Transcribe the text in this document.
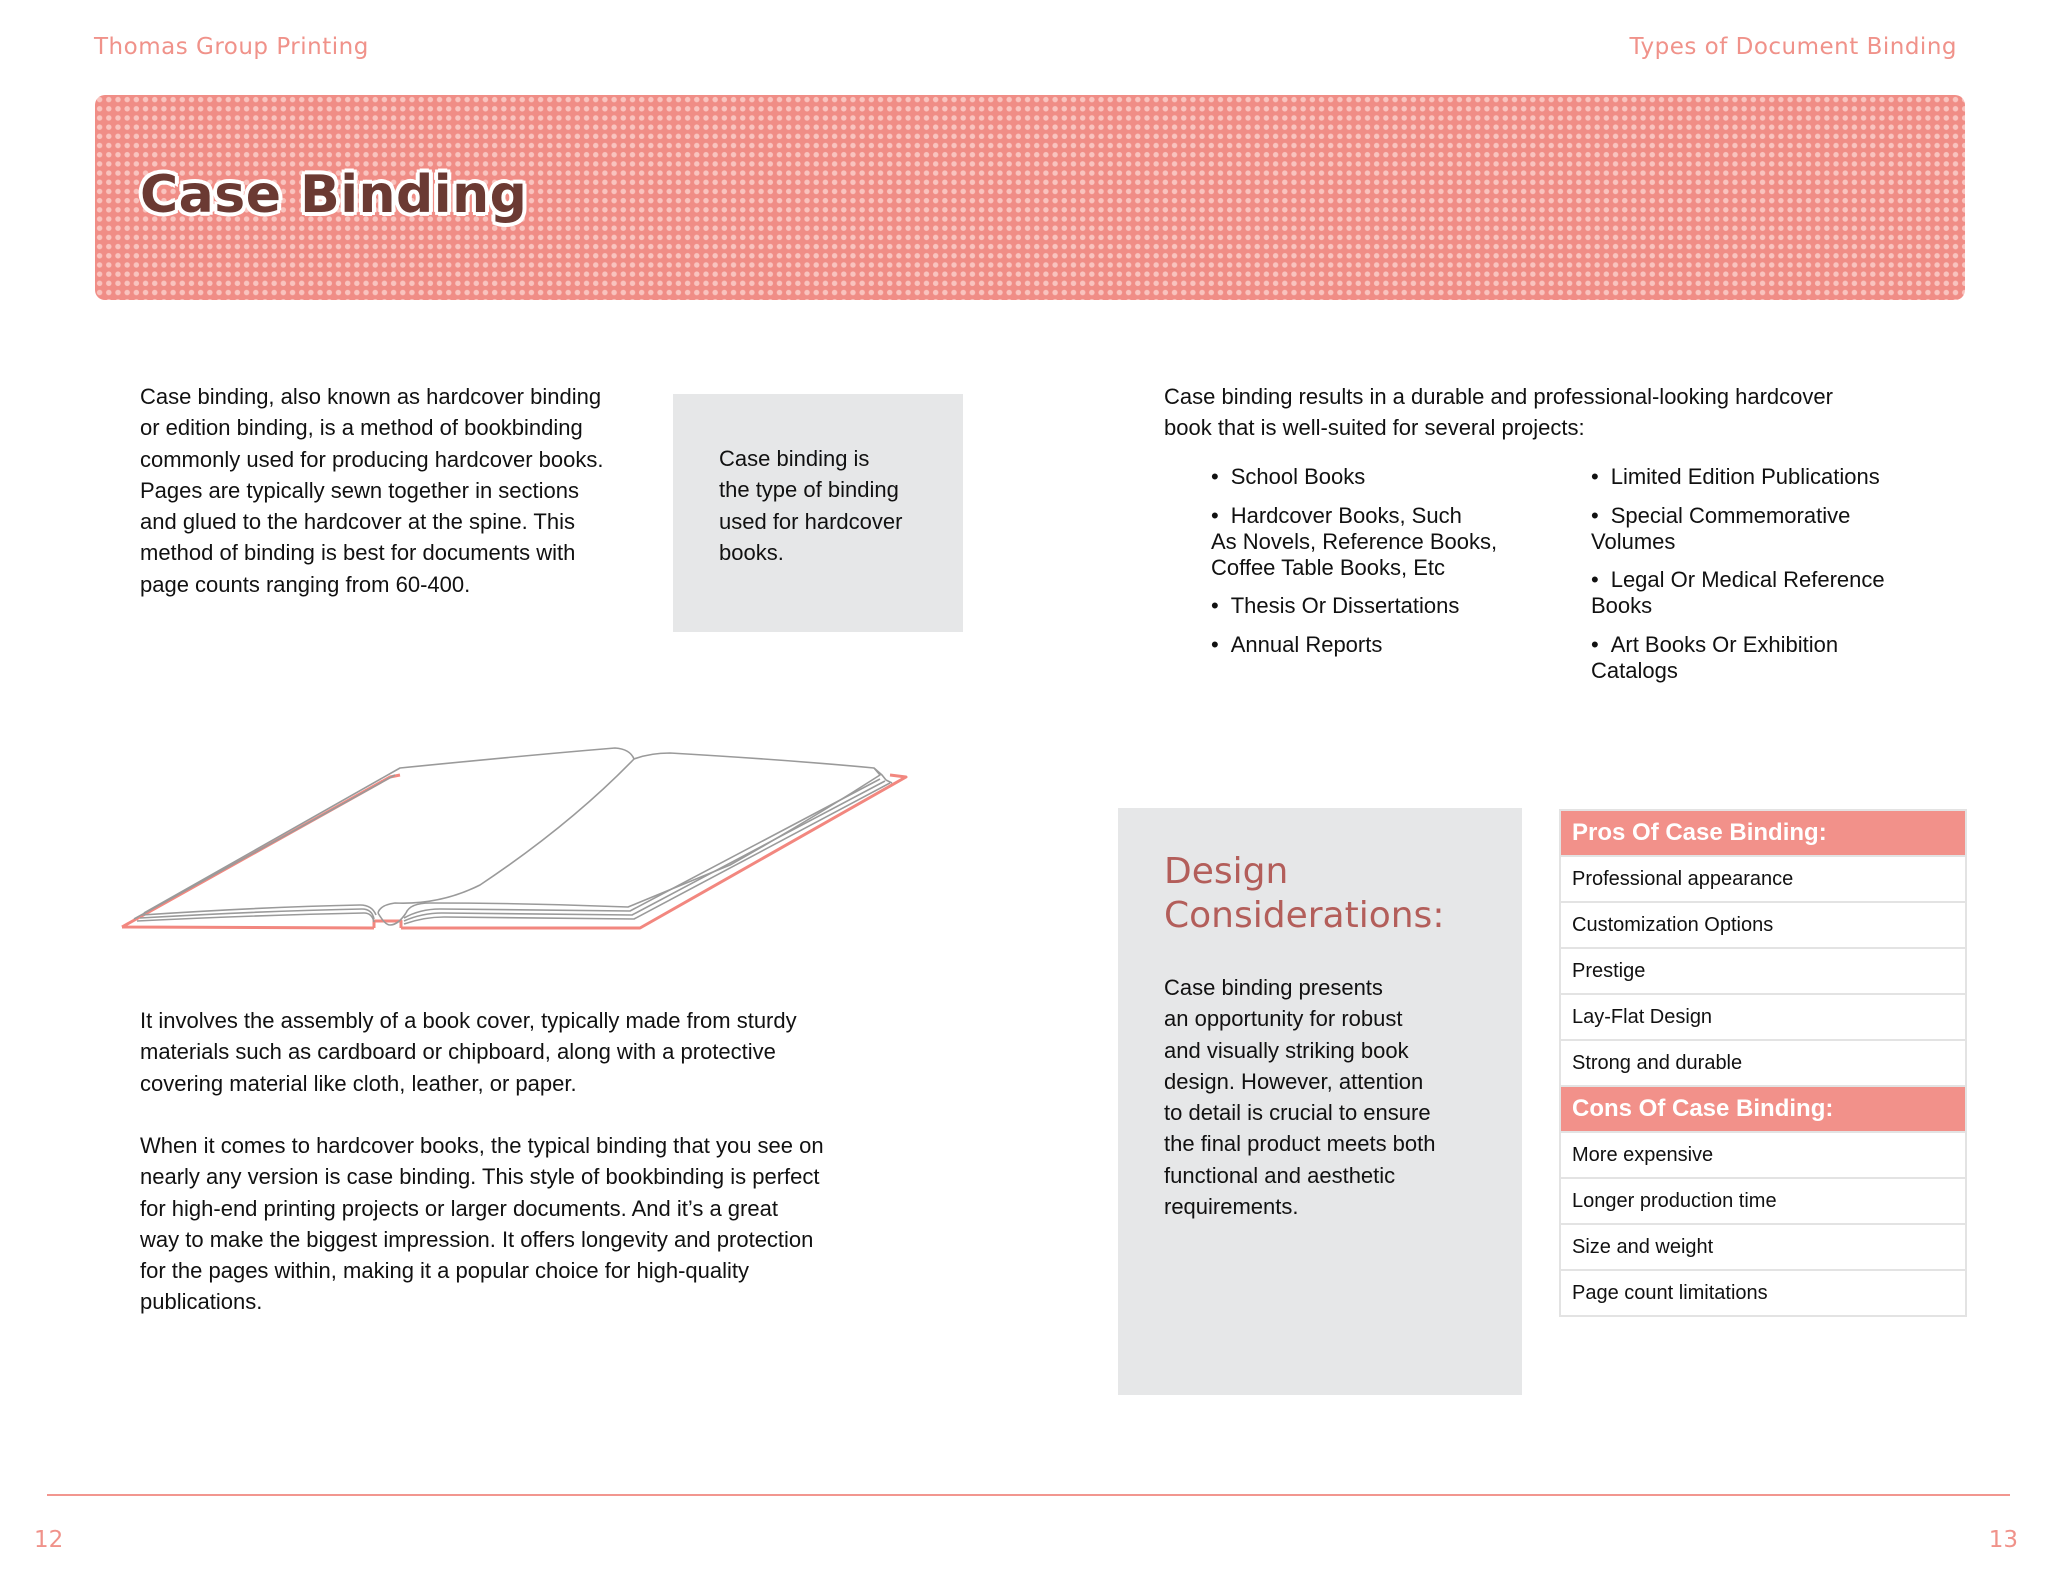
Thomas Group Printing	Types of Document Binding
Case Binding
Case binding, also known as hardcover binding
or edition binding, is a method of bookbinding
commonly used for producing hardcover books.
Pages are typically sewn together in sections
and glued to the hardcover at the spine. This
method of binding is best for documents with
page counts ranging from 60-400.
Case binding is
the type of binding
used for hardcover
books.
Case binding results in a durable and professional-looking hardcover
book that is well-suited for several projects:
• School Books
• Hardcover Books, Such
As Novels, Reference Books,
Coffee Table Books, Etc
• Thesis Or Dissertations
• Annual Reports
• Limited Edition Publications
• Special Commemorative
Volumes
• Legal Or Medical Reference
Books
• Art Books Or Exhibition
Catalogs
It involves the assembly of a book cover, typically made from sturdy
materials such as cardboard or chipboard, along with a protective
covering material like cloth, leather, or paper.
When it comes to hardcover books, the typical binding that you see on
nearly any version is case binding. This style of bookbinding is perfect
for high-end printing projects or larger documents. And it’s a great
way to make the biggest impression. It offers longevity and protection
for the pages within, making it a popular choice for high-quality
publications.
Design
Considerations:
Case binding presents
an opportunity for robust
and visually striking book
design. However, attention
to detail is crucial to ensure
the final product meets both
functional and aesthetic
requirements.
Pros Of Case Binding:
Professional appearance
Customization Options
Prestige
Lay-Flat Design
Strong and durable
Cons Of Case Binding:
More expensive
Longer production time
Size and weight
Page count limitations
12	13
